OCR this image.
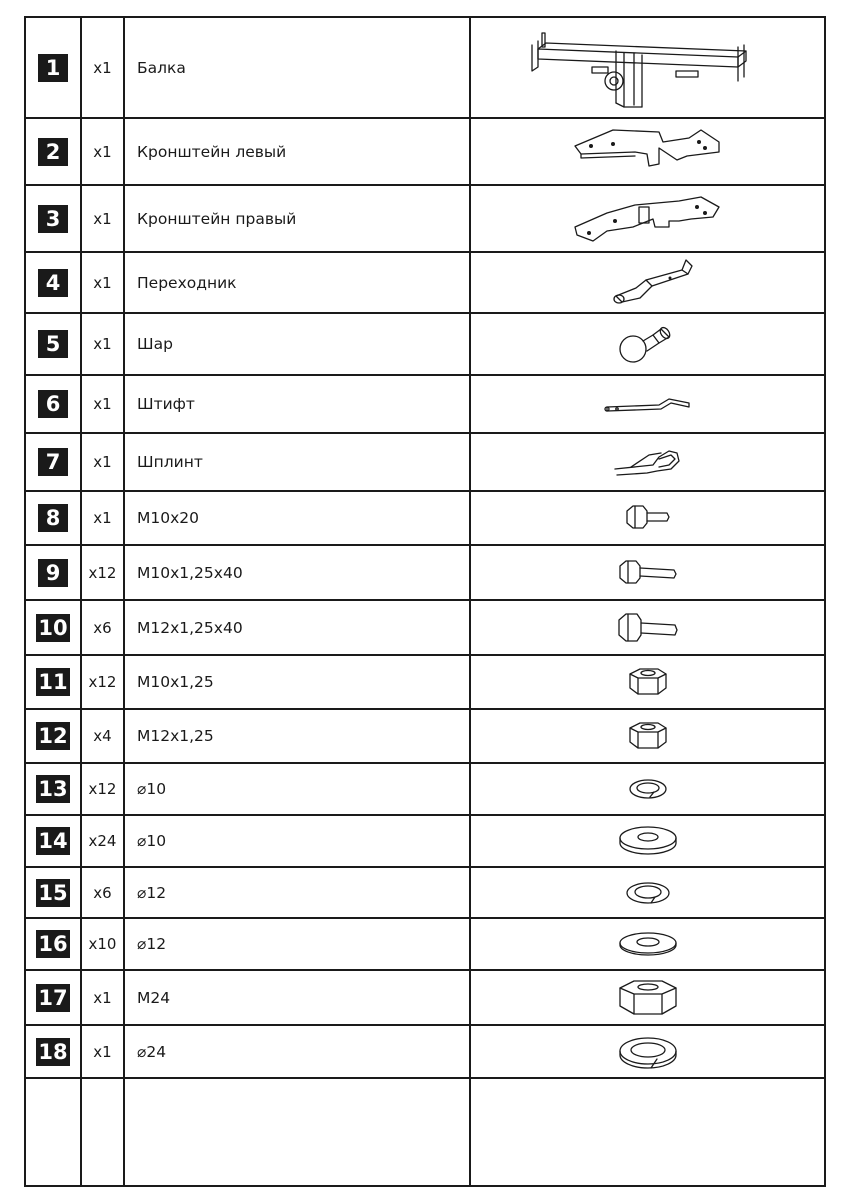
1	x1	Балка	

2	x1	Кронштейн левый	

3	x1	Кронштейн правый	

4	x1	Переходник	

5	x1	Шар	

6	x1	Штифт	

7	x1	Шплинт	

8	x1	M10x20	

9	x12	M10x1,25x40	

10	x6	M12x1,25x40	

11	x12	M10x1,25	

12	x4	M12x1,25	

13	x12	⌀10	

14	x24	⌀10	

15	x6	⌀12	

16	x10	⌀12	

17	x1	M24	

18	x1	⌀24	
